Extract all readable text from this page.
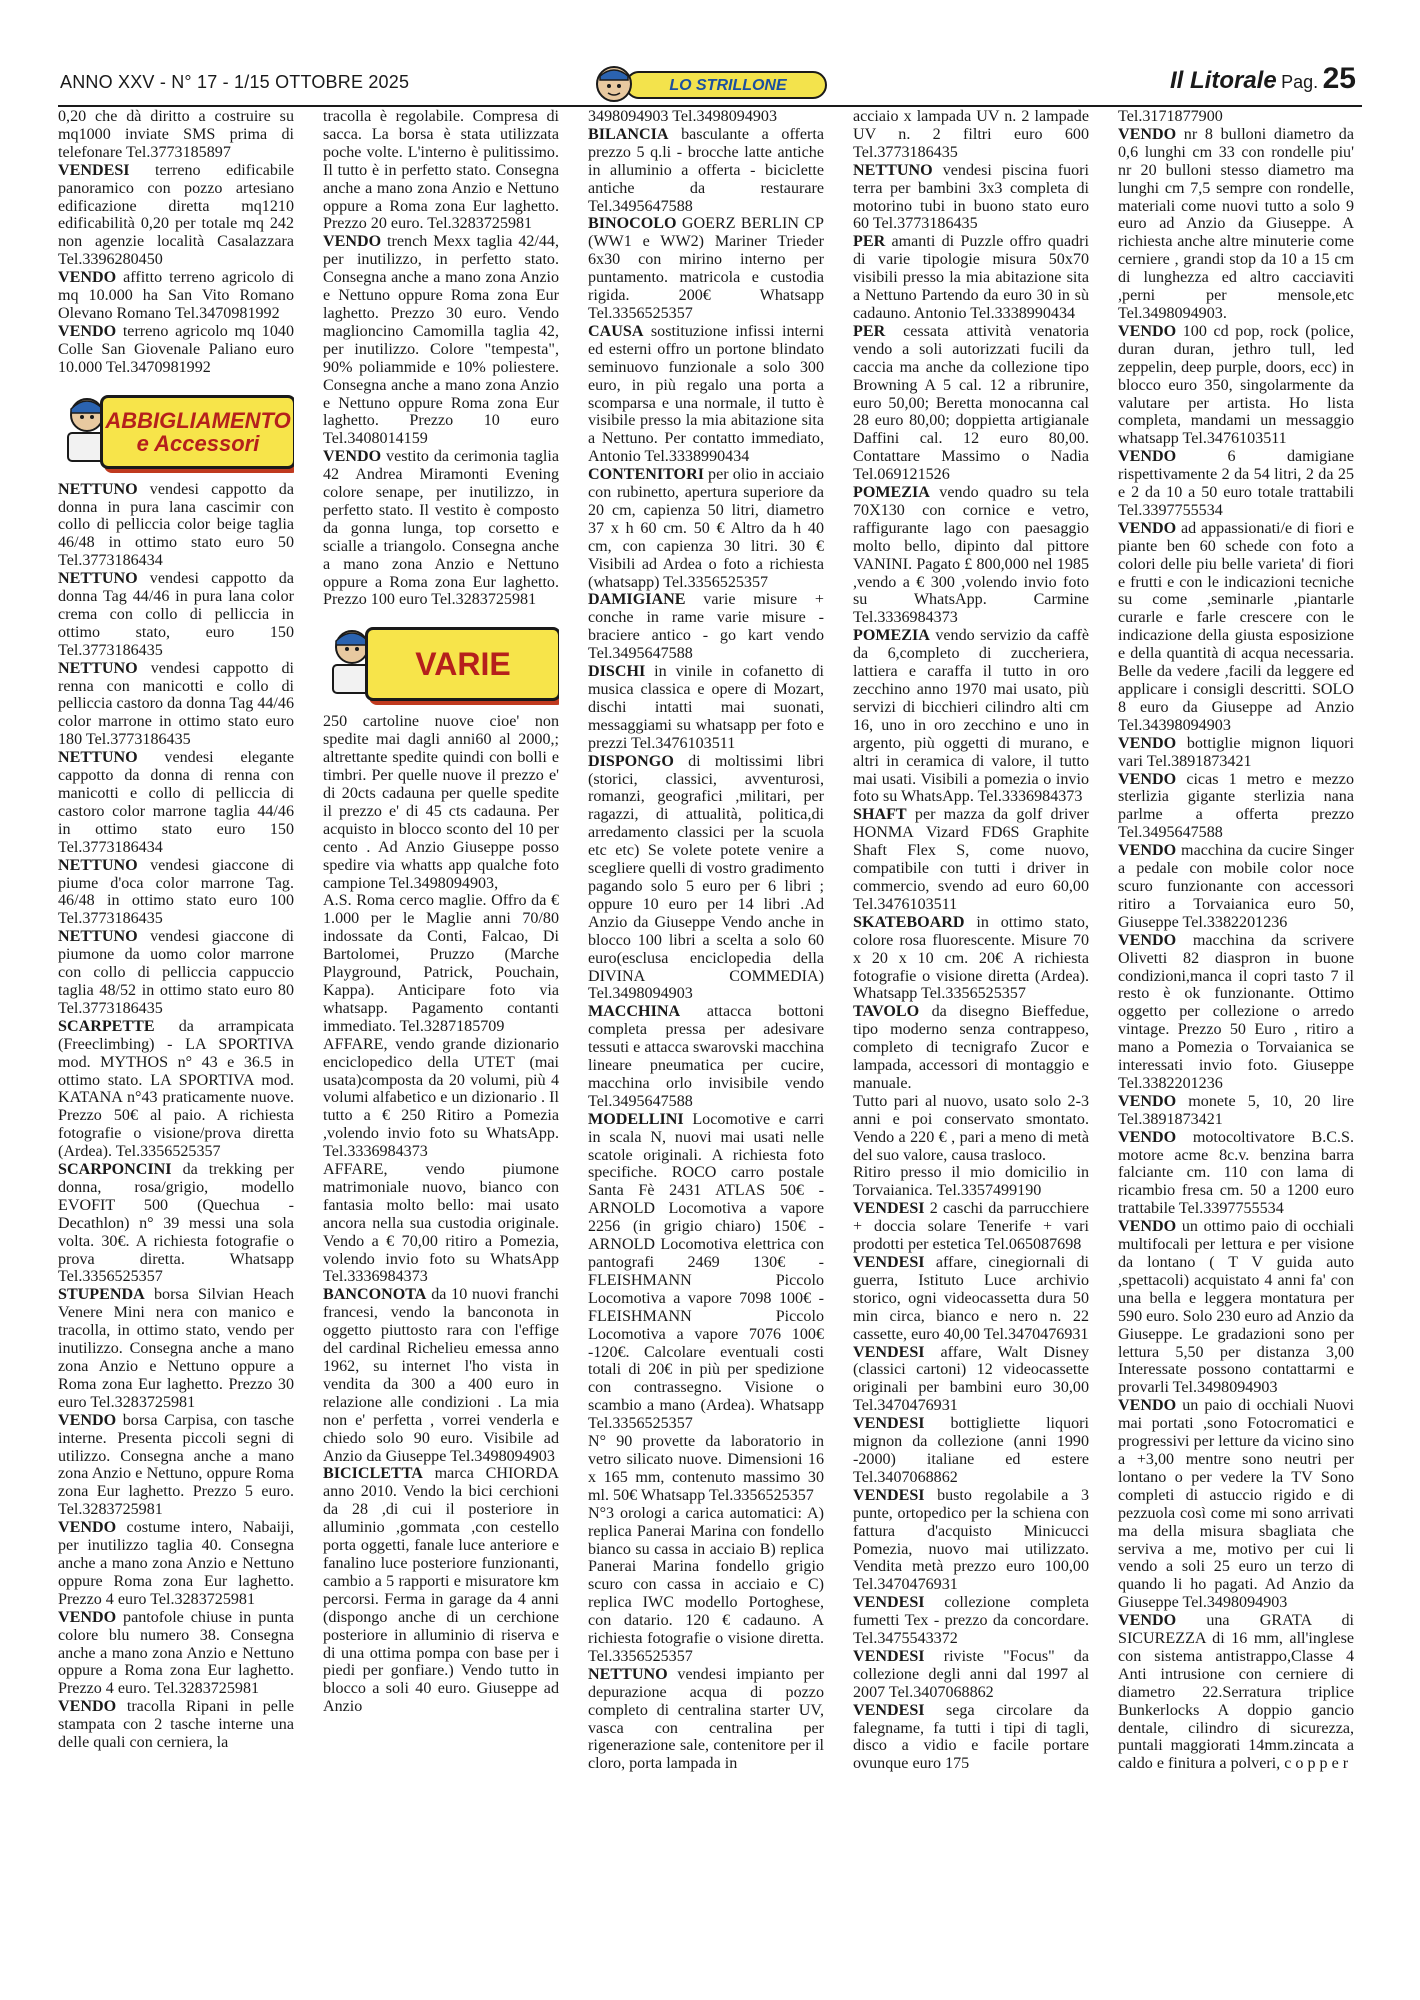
ANNO XXV - N° 17 - 1/15 OTTOBRE 2025	LO STRILLONE	Il Litorale Pag. 25

0,20 che dà diritto a costruire su mq1000 inviate SMS prima di telefonare Tel.3773185897

VENDESI terreno edificabile panoramico con pozzo artesiano edificazione diretta mq1210 edificabilità 0,20 per totale mq 242 non agenzie località Casalazzara Tel.3396280450

VENDO affitto terreno agricolo di mq 10.000 ha San Vito Romano Olevano Romano Tel.3470981992

VENDO terreno agricolo mq 1040 Colle San Giovenale Paliano euro 10.000 Tel.3470981992

ABBIGLIAMENTO
e Accessori

NETTUNO vendesi cappotto da donna in pura lana cascimir con collo di pelliccia color beige taglia 46/48 in ottimo stato euro 50 Tel.3773186434

NETTUNO vendesi cappotto da donna Tag 44/46 in pura lana color crema con collo di pelliccia in ottimo stato, euro 150 Tel.3773186435

NETTUNO vendesi cappotto di renna con manicotti e collo di pelliccia castoro da donna Tag 44/46 color marrone in ottimo stato euro 180 Tel.3773186435

NETTUNO vendesi elegante cappotto da donna di renna con manicotti e collo di pelliccia di castoro color marrone taglia 44/46 in ottimo stato euro 150 Tel.3773186434

NETTUNO vendesi giaccone di piume d'oca color marrone Tag. 46/48 in ottimo stato euro 100 Tel.3773186435

NETTUNO vendesi giaccone di piumone da uomo color marrone con collo di pelliccia cappuccio taglia 48/52 in ottimo stato euro 80 Tel.3773186435

SCARPETTE da arrampicata (Freeclimbing) - LA SPORTIVA mod. MYTHOS n° 43 e 36.5 in ottimo stato. LA SPORTIVA mod. KATANA n°43 praticamente nuove. Prezzo 50€ al paio. A richiesta fotografie o visione/prova diretta (Ardea). Tel.3356525357

SCARPONCINI da trekking per donna, rosa/grigio, modello EVOFIT 500 (Quechua - Decathlon) n° 39 messi una sola volta. 30€. A richiesta fotografie o prova diretta. Whatsapp Tel.3356525357

STUPENDA borsa Silvian Heach Venere Mini nera con manico e tracolla, in ottimo stato, vendo per inutilizzo. Consegna anche a mano zona Anzio e Nettuno oppure a Roma zona Eur laghetto. Prezzo 30 euro Tel.3283725981

VENDO borsa Carpisa, con tasche interne. Presenta piccoli segni di utilizzo. Consegna anche a mano zona Anzio e Nettuno, oppure Roma zona Eur laghetto. Prezzo 5 euro. Tel.3283725981

VENDO costume intero, Nabaiji, per inutilizzo taglia 40. Consegna anche a mano zona Anzio e Nettuno oppure Roma zona Eur laghetto. Prezzo 4 euro Tel.3283725981

VENDO pantofole chiuse in punta colore blu numero 38. Consegna anche a mano zona Anzio e Nettuno oppure a Roma zona Eur laghetto. Prezzo 4 euro. Tel.3283725981

VENDO tracolla Ripani in pelle stampata con 2 tasche interne una delle quali con cerniera, la

tracolla è regolabile. Compresa di sacca. La borsa è stata utilizzata poche volte. L'interno è pulitissimo. Il tutto è in perfetto stato. Consegna anche a mano zona Anzio e Nettuno oppure a Roma zona Eur laghetto. Prezzo 20 euro. Tel.3283725981

VENDO trench Mexx taglia 42/44, per inutilizzo, in perfetto stato. Consegna anche a mano zona Anzio e Nettuno oppure Roma zona Eur laghetto. Prezzo 30 euro. Vendo maglioncino Camomilla taglia 42, per inutilizzo. Colore "tempesta", 90% poliammide e 10% poliestere. Consegna anche a mano zona Anzio e Nettuno oppure Roma zona Eur laghetto. Prezzo 10 euro Tel.3408014159

VENDO vestito da cerimonia taglia 42 Andrea Miramonti Evening colore senape, per inutilizzo, in perfetto stato. Il vestito è composto da gonna lunga, top corsetto e scialle a triangolo. Consegna anche a mano zona Anzio e Nettuno oppure a Roma zona Eur laghetto. Prezzo 100 euro Tel.3283725981

VARIE

250 cartoline nuove cioe' non spedite mai dagli anni60 al 2000,; altrettante spedite quindi con bolli e timbri. Per quelle nuove il prezzo e' di 20cts cadauna per quelle spedite il prezzo e' di 45 cts cadauna. Per acquisto in blocco sconto del 10 per cento . Ad Anzio Giuseppe posso spedire via whatts app qualche foto campione Tel.3498094903,

A.S. Roma cerco maglie. Offro da € 1.000 per le Maglie anni 70/80 indossate da Conti, Falcao, Di Bartolomei, Pruzzo (Marche Playground, Patrick, Pouchain, Kappa). Anticipare foto via whatsapp. Pagamento contanti immediato. Tel.3287185709

AFFARE, vendo grande dizionario enciclopedico della UTET (mai usata)composta da 20 volumi, più 4 volumi alfabetico e un dizionario . Il tutto a € 250 Ritiro a Pomezia ,volendo invio foto su WhatsApp. Tel.3336984373

AFFARE, vendo piumone matrimoniale nuovo, bianco con fantasia molto bello: mai usato ancora nella sua custodia originale. Vendo a € 70,00 ritiro a Pomezia, volendo invio foto su WhatsApp Tel.3336984373

BANCONOTA da 10 nuovi franchi francesi, vendo la banconota in oggetto piuttosto rara con l'effige del cardinal Richelieu emessa anno 1962, su internet l'ho vista in vendita da 300 a 400 euro in relazione alle condizioni . La mia non e' perfetta , vorrei venderla e chiedo solo 90 euro. Visibile ad Anzio da Giuseppe Tel.3498094903

BICICLETTA marca CHIORDA anno 2010. Vendo la bici cerchioni da 28 ,di cui il posteriore in alluminio ,gommata ,con cestello porta oggetti, fanale luce anteriore e fanalino luce posteriore funzionanti, cambio a 5 rapporti e misuratore km percorsi. Ferma in garage da 4 anni (dispongo anche di un cerchione posteriore in alluminio di riserva e di una ottima pompa con base per i piedi per gonfiare.) Vendo tutto in blocco a soli 40 euro. Giuseppe ad Anzio

3498094903 Tel.3498094903

BILANCIA basculante a offerta prezzo 5 q.li - brocche latte antiche in alluminio a offerta - biciclette antiche da restaurare Tel.3495647588

BINOCOLO GOERZ BERLIN CP (WW1 e WW2) Mariner Trieder 6x30 con mirino interno per puntamento. matricola e custodia rigida. 200€ Whatsapp Tel.3356525357

CAUSA sostituzione infissi interni ed esterni offro un portone blindato seminuovo funzionale a solo 300 euro, in più regalo una porta a scomparsa e una normale, il tutto è visibile presso la mia abitazione sita a Nettuno. Per contatto immediato, Antonio Tel.3338990434

CONTENITORI per olio in acciaio con rubinetto, apertura superiore da 20 cm, capienza 50 litri, diametro 37 x h 60 cm. 50 € Altro da h 40 cm, con capienza 30 litri. 30 € Visibili ad Ardea o foto a richiesta (whatsapp) Tel.3356525357

DAMIGIANE varie misure + conche in rame varie misure - braciere antico - go kart vendo Tel.3495647588

DISCHI in vinile in cofanetto di musica classica e opere di Mozart, dischi intatti mai suonati, messaggiami su whatsapp per foto e prezzi Tel.3476103511

DISPONGO di moltissimi libri (storici, classici, avventurosi, romanzi, geografici ,militari, per ragazzi, di attualità, politica,di arredamento classici per la scuola etc etc) Se volete potete venire a scegliere quelli di vostro gradimento pagando solo 5 euro per 6 libri ; oppure 10 euro per 14 libri .Ad Anzio da Giuseppe Vendo anche in blocco 100 libri a scelta a solo 60 euro(esclusa enciclopedia della DIVINA COMMEDIA) Tel.3498094903

MACCHINA attacca bottoni completa pressa per adesivare tessuti e attacca swarovski macchina lineare pneumatica per cucire, macchina orlo invisibile vendo Tel.3495647588

MODELLINI Locomotive e carri in scala N, nuovi mai usati nelle scatole originali. A richiesta foto specifiche. ROCO carro postale Santa Fè 2431 ATLAS 50€ -ARNOLD Locomotiva a vapore 2256 (in grigio chiaro) 150€ -ARNOLD Locomotiva elettrica con pantografi 2469 130€ - FLEISHMANN Piccolo Locomotiva a vapore 7098 100€ - FLEISHMANN Piccolo Locomotiva a vapore 7076 100€ -120€. Calcolare eventuali costi totali di 20€ in più per spedizione con contrassegno. Visione o scambio a mano (Ardea). Whatsapp Tel.3356525357

N° 90 provette da laboratorio in vetro silicato nuove. Dimensioni 16 x 165 mm, contenuto massimo 30 ml. 50€ Whatsapp Tel.3356525357

N°3 orologi a carica automatici: A) replica Panerai Marina con fondello bianco su cassa in acciaio B) replica Panerai Marina fondello grigio scuro con cassa in acciaio e C) replica IWC modello Portoghese, con datario. 120 € cadauno. A richiesta fotografie o visione diretta. Tel.3356525357

NETTUNO vendesi impianto per depurazione acqua di pozzo completo di centralina starter UV, vasca con centralina per rigenerazione sale, contenitore per il cloro, porta lampada in

acciaio x lampada UV n. 2 lampade UV n. 2 filtri euro 600 Tel.3773186435

NETTUNO vendesi piscina fuori terra per bambini 3x3 completa di motorino tubi in buono stato euro 60 Tel.3773186435

PER amanti di Puzzle offro quadri di varie tipologie misura 50x70 visibili presso la mia abitazione sita a Nettuno Partendo da euro 30 in sù cadauno. Antonio Tel.3338990434

PER cessata attività venatoria vendo a soli autorizzati fucili da caccia ma anche da collezione tipo Browning A 5 cal. 12 a ribrunire, euro 50,00; Beretta monocanna cal 28 euro 80,00; doppietta artigianale Daffini cal. 12 euro 80,00. Contattare Massimo o Nadia Tel.069121526

POMEZIA vendo quadro su tela 70X130 con cornice e vetro, raffigurante lago con paesaggio molto bello, dipinto dal pittore VANINI. Pagato £ 800,000 nel 1985 ,vendo a € 300 ,volendo invio foto su WhatsApp. Carmine Tel.3336984373

POMEZIA vendo servizio da caffè da 6,completo di zuccheriera, lattiera e caraffa il tutto in oro zecchino anno 1970 mai usato, più servizi di bicchieri cilindro alti cm 16, uno in oro zecchino e uno in argento, più oggetti di murano, e altri in ceramica di valore, il tutto mai usati. Visibili a pomezia o invio foto su WhatsApp. Tel.3336984373

SHAFT per mazza da golf driver HONMA Vizard FD6S Graphite Shaft Flex S, come nuovo, compatibile con tutti i driver in commercio, svendo ad euro 60,00 Tel.3476103511

SKATEBOARD in ottimo stato, colore rosa fluorescente. Misure 70 x 20 x 10 cm. 20€ A richiesta fotografie o visione diretta (Ardea). Whatsapp Tel.3356525357

TAVOLO da disegno Bieffedue, tipo moderno senza contrappeso, completo di tecnigrafo Zucor e lampada, accessori di montaggio e manuale.

Tutto pari al nuovo, usato solo 2-3 anni e poi conservato smontato. Vendo a 220 € , pari a meno di metà del suo valore, causa trasloco.

Ritiro presso il mio domicilio in Torvaianica. Tel.3357499190

VENDESI 2 caschi da parrucchiere + doccia solare Tenerife + vari prodotti per estetica Tel.065087698

VENDESI affare, cinegiornali di guerra, Istituto Luce archivio storico, ogni videocassetta dura 50 min circa, bianco e nero n. 22 cassette, euro 40,00 Tel.3470476931

VENDESI affare, Walt Disney (classici cartoni) 12 videocassette originali per bambini euro 30,00 Tel.3470476931

VENDESI bottigliette liquori mignon da collezione (anni 1990 -2000) italiane ed estere Tel.3407068862

VENDESI busto regolabile a 3 punte, ortopedico per la schiena con fattura d'acquisto Minicucci Pomezia, nuovo mai utilizzato. Vendita metà prezzo euro 100,00 Tel.3470476931

VENDESI collezione completa fumetti Tex - prezzo da concordare. Tel.3475543372

VENDESI riviste "Focus" da collezione degli anni dal 1997 al 2007 Tel.3407068862

VENDESI sega circolare da falegname, fa tutti i tipi di tagli, disco a vidio e facile portare ovunque euro 175

Tel.3171877900

VENDO nr 8 bulloni diametro da 0,6 lunghi cm 33 con rondelle piu' nr 20 bulloni stesso diametro ma lunghi cm 7,5 sempre con rondelle, materiali come nuovi tutto a solo 9 euro ad Anzio da Giuseppe. A richiesta anche altre minuterie come cerniere , grandi stop da 10 a 15 cm di lunghezza ed altro cacciaviti ,perni per mensole,etc Tel.3498094903.

VENDO 100 cd pop, rock (police, duran duran, jethro tull, led zeppelin, deep purple, doors, ecc) in blocco euro 350, singolarmente da valutare per artista. Ho lista completa, mandami un messaggio whatsapp Tel.3476103511

VENDO 6 damigiane rispettivamente 2 da 54 litri, 2 da 25 e 2 da 10 a 50 euro totale trattabili Tel.3397755534

VENDO ad appassionati/e di fiori e piante ben 60 schede con foto a colori delle piu belle varieta' di fiori e frutti e con le indicazioni tecniche su come ,seminarle ,piantarle curarle e farle crescere con le indicazione della giusta esposizione e della quantità di acqua necessaria. Belle da vedere ,facili da leggere ed applicare i consigli descritti. SOLO 8 euro da Giuseppe ad Anzio Tel.34398094903

VENDO bottiglie mignon liquori vari Tel.3891873421

VENDO cicas 1 metro e mezzo sterlizia gigante sterlizia nana parlme a offerta prezzo Tel.3495647588

VENDO macchina da cucire Singer a pedale con mobile color noce scuro funzionante con accessori ritiro a Torvaianica euro 50, Giuseppe Tel.3382201236

VENDO macchina da scrivere Olivetti 82 diaspron in buone condizioni,manca il copri tasto 7 il resto è ok funzionante. Ottimo oggetto per collezione o arredo vintage. Prezzo 50 Euro , ritiro a mano a Pomezia o Torvaianica se interessati invio foto. Giuseppe Tel.3382201236

VENDO monete 5, 10, 20 lire Tel.3891873421

VENDO motocoltivatore B.C.S. motore acme 8c.v. benzina barra falciante cm. 110 con lama di ricambio fresa cm. 50 a 1200 euro trattabile Tel.3397755534

VENDO un ottimo paio di occhiali multifocali per lettura e per visione da lontano ( T V guida auto ,spettacoli) acquistato 4 anni fa' con una bella e leggera montatura per 590 euro. Solo 230 euro ad Anzio da Giuseppe. Le gradazioni sono per lettura 5,50 per distanza 3,00 Interessate possono contattarmi e provarli Tel.3498094903

VENDO un paio di occhiali Nuovi mai portati ,sono Fotocromatici e progressivi per letture da vicino sino a +3,00 mentre sono neutri per lontano o per vedere la TV Sono completi di astuccio rigido e di pezzuola così come mi sono arrivati ma della misura sbagliata che serviva a me, motivo per cui li vendo a soli 25 euro un terzo di quando li ho pagati. Ad Anzio da Giuseppe Tel.3498094903

VENDO una GRATA di SICUREZZA di 16 mm, all'inglese con sistema antistrappo,Classe 4 Anti intrusione con cerniere di diametro 22.Serratura triplice Bunkerlocks A doppio gancio dentale, cilindro di sicurezza, puntali maggiorati 14mm.zincata a caldo e finitura a polveri, c o p p e r
